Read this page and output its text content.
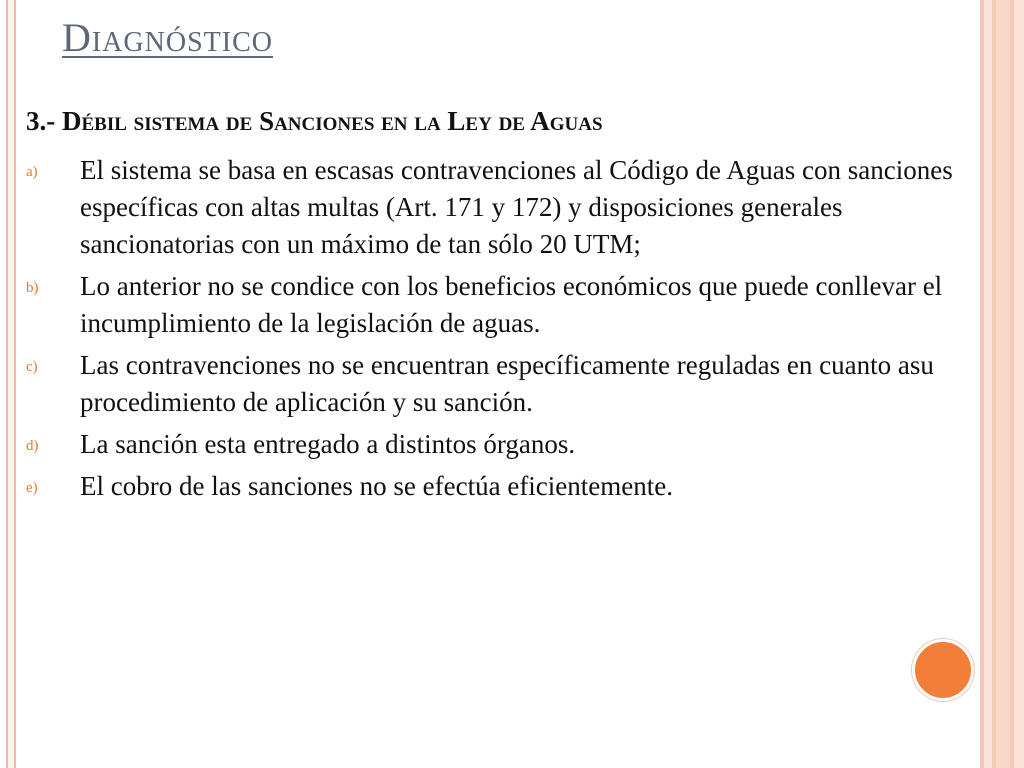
Diagnóstico
3.- Débil sistema de Sanciones en la Ley de Aguas
a) El sistema se basa en escasas contravenciones al Código de Aguas con sanciones específicas con altas multas (Art. 171 y 172) y disposiciones generales sancionatorias con un máximo de tan sólo 20 UTM;
b) Lo anterior no se condice con los beneficios económicos que puede conllevar el incumplimiento de la legislación de aguas.
c) Las contravenciones no se encuentran específicamente reguladas en cuanto asu procedimiento de aplicación y su sanción.
d) La sanción esta entregado a distintos órganos.
e) El cobro de las sanciones no se efectúa eficientemente.
